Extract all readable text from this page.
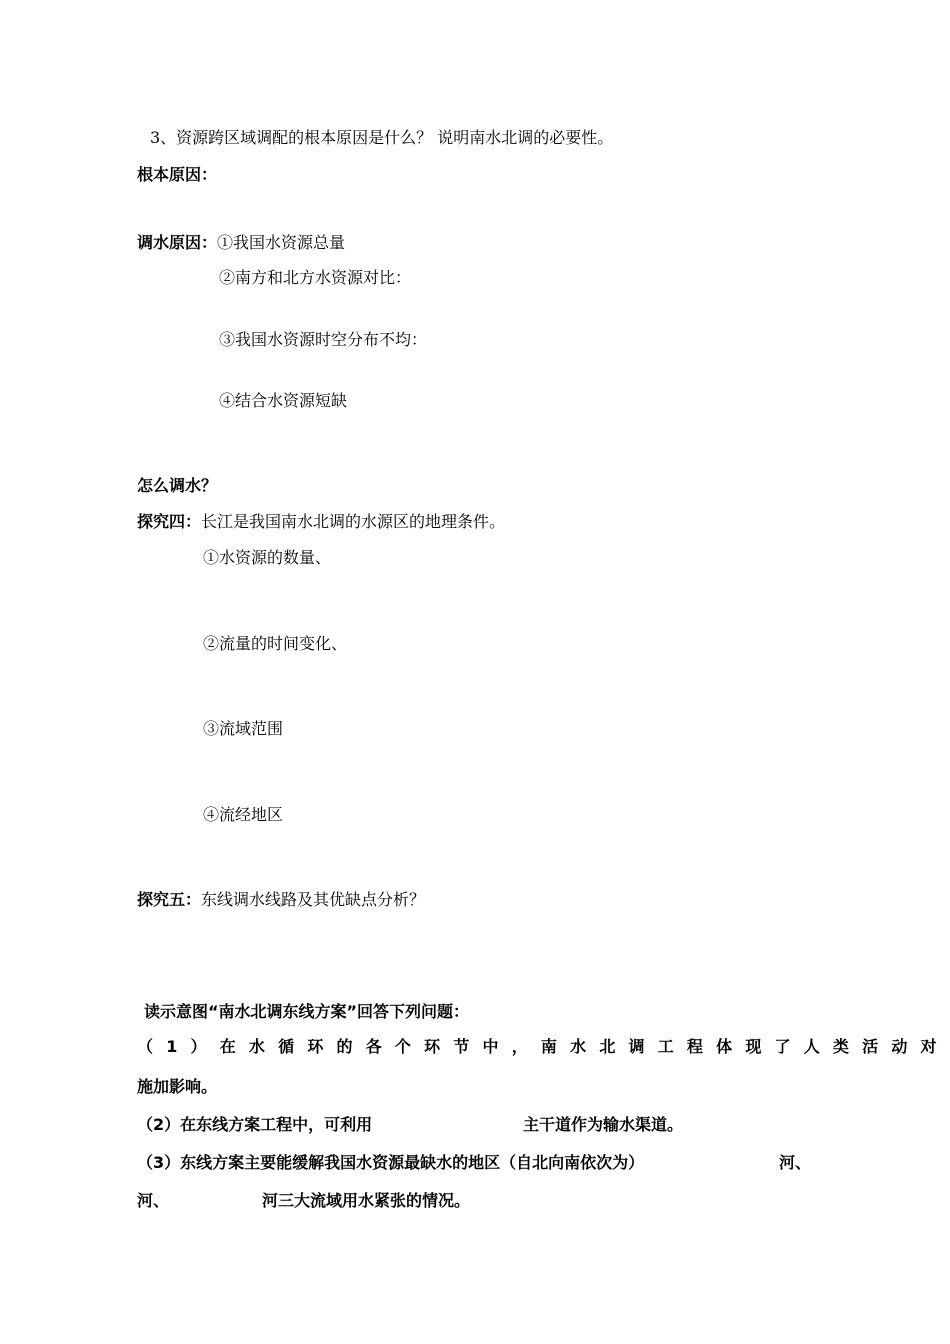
3、资源跨区域调配的根本原因是什么？ 说明南水北调的必要性。
根本原因：
调水原因：①我国水资源总量
②南方和北方水资源对比：
③我国水资源时空分布不均：
④结合水资源短缺
怎么调水？
探究四：长江是我国南水北调的水源区的地理条件。
①水资源的数量、
②流量的时间变化、
③流域范围
④流经地区
探究五：东线调水线路及其优缺点分析？
读示意图“南水北调东线方案”回答下列问题：
（1）在水循环的各个环节中，南水北调工程体现了人类活动对
施加影响。
（2）在东线方案工程中，可利用	主干道作为输水渠道。
（3）东线方案主要能缓解我国水资源最缺水的地区（自北向南依次为）	河、
河、	河三大流域用水紧张的情况。
